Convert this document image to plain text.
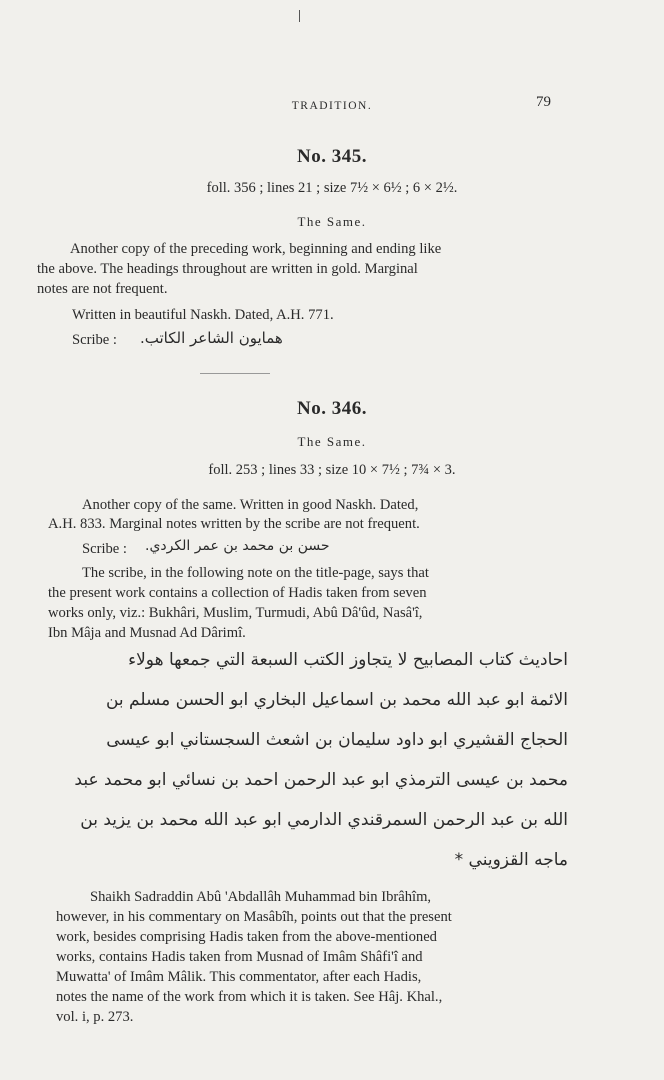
TRADITION.	79
No. 345.
foll. 356 ; lines 21 ; size 7½ × 6½ ; 6 × 2½.
The Same.
Another copy of the preceding work, beginning and ending like
the above. The headings throughout are written in gold. Marginal
notes are not frequent.
Written in beautiful Naskh. Dated, A.H. 771.
Scribe : همایون الشاعر الکاتب.
No. 346.
The Same.
foll. 253 ; lines 33 ; size 10 × 7½ ; 7¾ × 3.
Another copy of the same. Written in good Naskh. Dated,
A.H. 833. Marginal notes written by the scribe are not frequent.
Scribe : حسن بن محمد بن عمر الكردي.
The scribe, in the following note on the title-page, says that
the present work contains a collection of Hadis taken from seven
works only, viz.: Bukhâri, Muslim, Turmudi, Abû Dâ'ûd, Nasâ'î,
Ibn Mâja and Musnad Ad Dârimî.
احادیث کتاب المصابیح لا یتجاوز الکتب السبعة التي جمعها هولاء
الائمة ابو عبد الله محمد بن اسماعیل البخاري ابو الحسن مسلم بن
الحجاج القشیري ابو داود سلیمان بن اشعث السجستاني ابو عیسی
محمد بن عیسی الترمذي ابو عبد الرحمن احمد بن نسائي ابو محمد عبد
الله بن عبد الرحمن السمرقندي الدارمي ابو عبد الله محمد بن یزید بن
ماجه القزویني *
Shaikh Sadraddin Abû 'Abdallâh Muhammad bin Ibrâhîm,
however, in his commentary on Masâbîh, points out that the present
work, besides comprising Hadis taken from the above-mentioned
works, contains Hadis taken from Musnad of Imâm Shâfi'î and
Muwatta' of Imâm Mâlik. This commentator, after each Hadis,
notes the name of the work from which it is taken. See Hâj. Khal.,
vol. i, p. 273.
